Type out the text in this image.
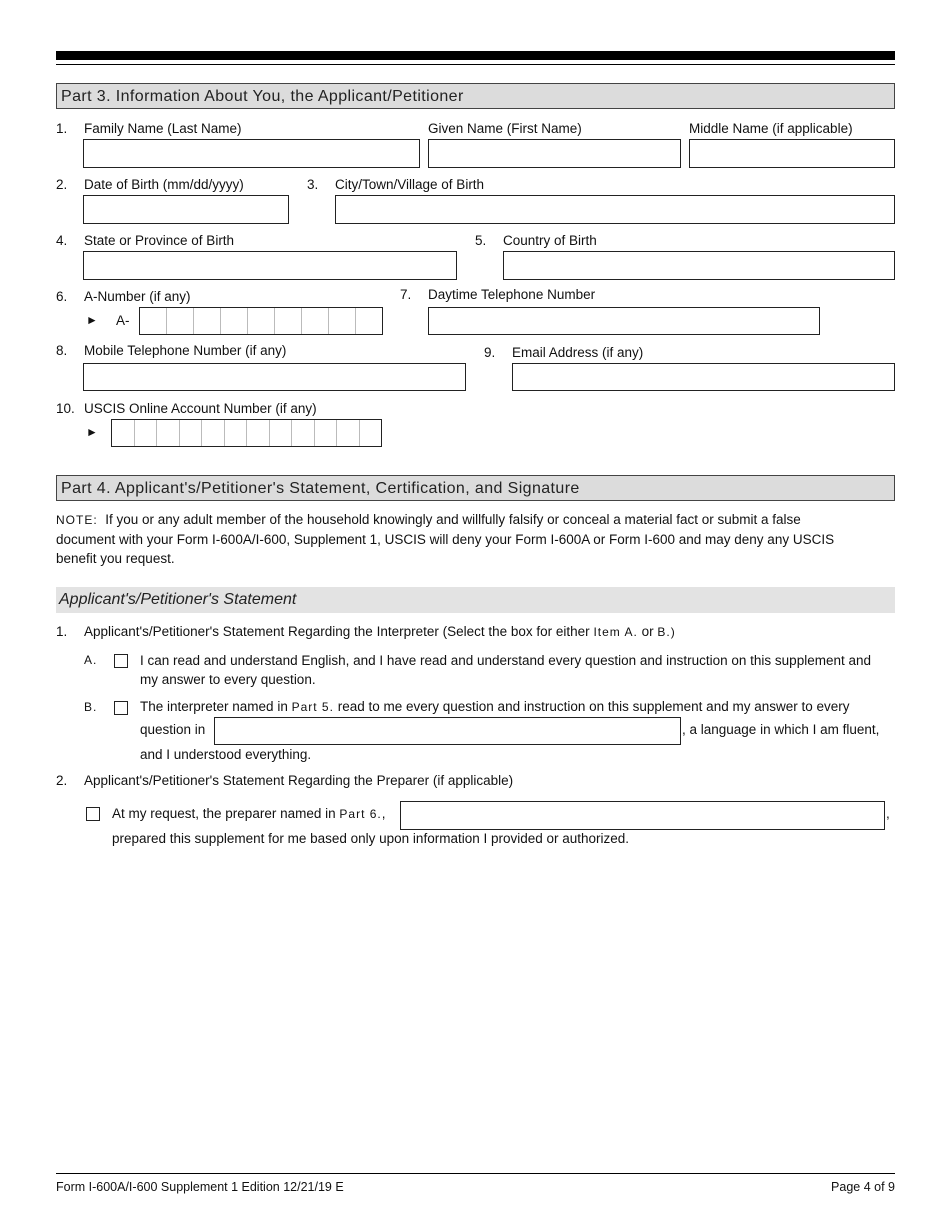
Part 3. Information About You, the Applicant/Petitioner
1. Family Name (Last Name)	Given Name (First Name)	Middle Name (if applicable)
2. Date of Birth (mm/dd/yyyy)	3. City/Town/Village of Birth
4. State or Province of Birth	5. Country of Birth
6. A-Number (if any)
► A-
7. Daytime Telephone Number
8. Mobile Telephone Number (if any)	9. Email Address (if any)
10. USCIS Online Account Number (if any)
►
Part 4. Applicant's/Petitioner's Statement, Certification, and Signature
NOTE: If you or any adult member of the household knowingly and willfully falsify or conceal a material fact or submit a false
document with your Form I-600A/I-600, Supplement 1, USCIS will deny your Form I-600A or Form I-600 and may deny any USCIS
benefit you request.
Applicant's/Petitioner's Statement
1. Applicant's/Petitioner's Statement Regarding the Interpreter (Select the box for either Item A. or B.)
A.	I can read and understand English, and I have read and understand every question and instruction on this supplement and
my answer to every question.
B.	The interpreter named in Part 5. read to me every question and instruction on this supplement and my answer to every
question in	, a language in which I am fluent,
and I understood everything.
2. Applicant's/Petitioner's Statement Regarding the Preparer (if applicable)
At my request, the preparer named in Part 6.,	,
prepared this supplement for me based only upon information I provided or authorized.
Form I-600A/I-600 Supplement 1 Edition 12/21/19 E	Page 4 of 9
